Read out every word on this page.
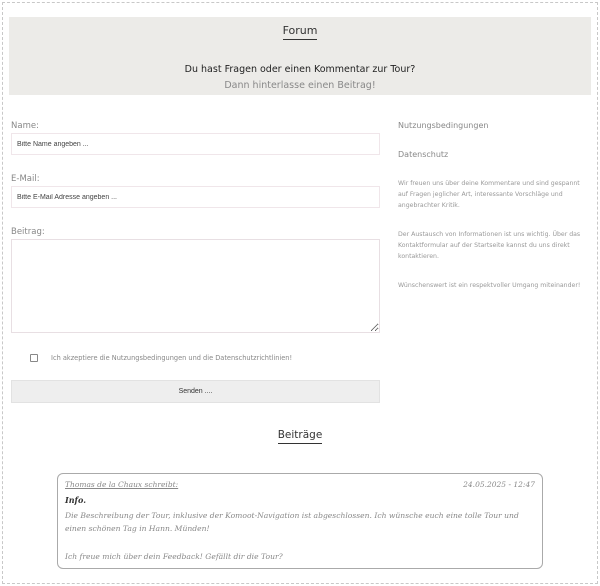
Forum
Du hast Fragen oder einen Kommentar zur Tour?
Dann hinterlasse einen Beitrag!
Name:
Bitte Name angeben ...
E-Mail:
Bitte E-Mail Adresse angeben ...
Beitrag:
Ich akzeptiere die Nutzungsbedingungen und die Datenschutzrichtlinien!
Senden ....
Nutzungsbedingungen
Datenschutz
Wir freuen uns über deine Kommentare und sind gespannt auf Fragen jeglicher Art, interessante Vorschläge und angebrachter Kritik.
Der Austausch von Informationen ist uns wichtig. Über das Kontaktformular auf der Startseite kannst du uns direkt kontaktieren.
Wünschenswert ist ein respektvoller Umgang miteinander!
Beiträge
Thomas de la Chaux schreibt:	24.05.2025 - 12:47
Info.
Die Beschreibung der Tour, inklusive der Komoot-Navigation ist abgeschlossen. Ich wünsche euch eine tolle Tour und einen schönen Tag in Hann. Münden!
Ich freue mich über dein Feedback! Gefällt dir die Tour?
